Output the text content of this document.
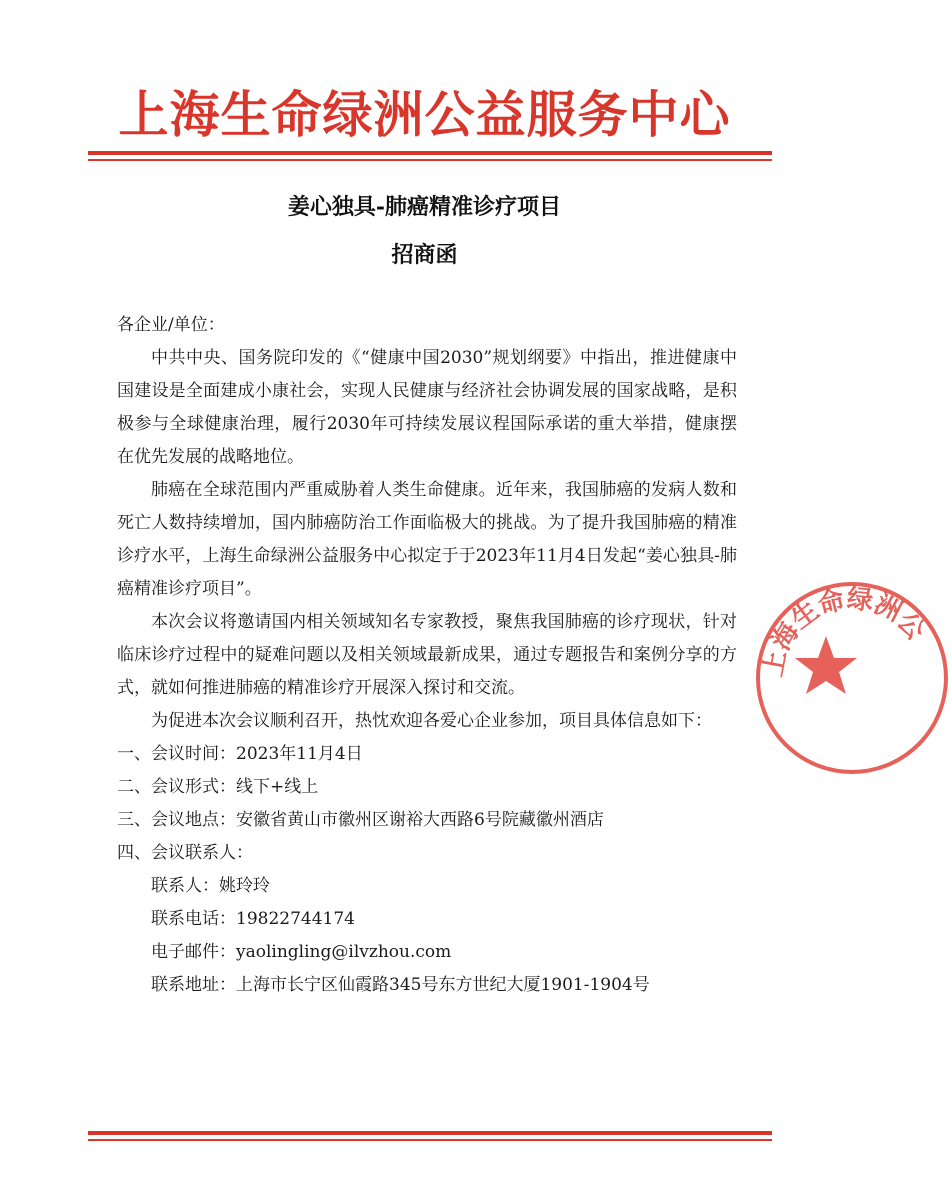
上海生命绿洲公益服务中心
姜心独具-肺癌精准诊疗项目
招商函

各企业/单位：

中共中央、国务院印发的《“健康中国2030”规划纲要》中指出，推进健康中国建设是全面建成小康社会，实现人民健康与经济社会协调发展的国家战略，是积极参与全球健康治理，履行2030年可持续发展议程国际承诺的重大举措，健康摆在优先发展的战略地位。

肺癌在全球范围内严重威胁着人类生命健康。近年来，我国肺癌的发病人数和死亡人数持续增加，国内肺癌防治工作面临极大的挑战。为了提升我国肺癌的精准诊疗水平，上海生命绿洲公益服务中心拟定于于2023年11月4日发起“姜心独具-肺癌精准诊疗项目”。

本次会议将邀请国内相关领域知名专家教授，聚焦我国肺癌的诊疗现状，针对临床诊疗过程中的疑难问题以及相关领域最新成果，通过专题报告和案例分享的方式，就如何推进肺癌的精准诊疗开展深入探讨和交流。

为促进本次会议顺利召开，热忱欢迎各爱心企业参加，项目具体信息如下：

一、会议时间：2023年11月4日

二、会议形式：线下+线上

三、会议地点：安徽省黄山市徽州区谢裕大西路6号院藏徽州酒店

四、会议联系人：

联系人：姚玲玲

联系电话：19822744174

电子邮件：yaolingling@ilvzhou.com

联系地址：上海市长宁区仙霞路345号东方世纪大厦1901-1904号

上海生命绿洲公
